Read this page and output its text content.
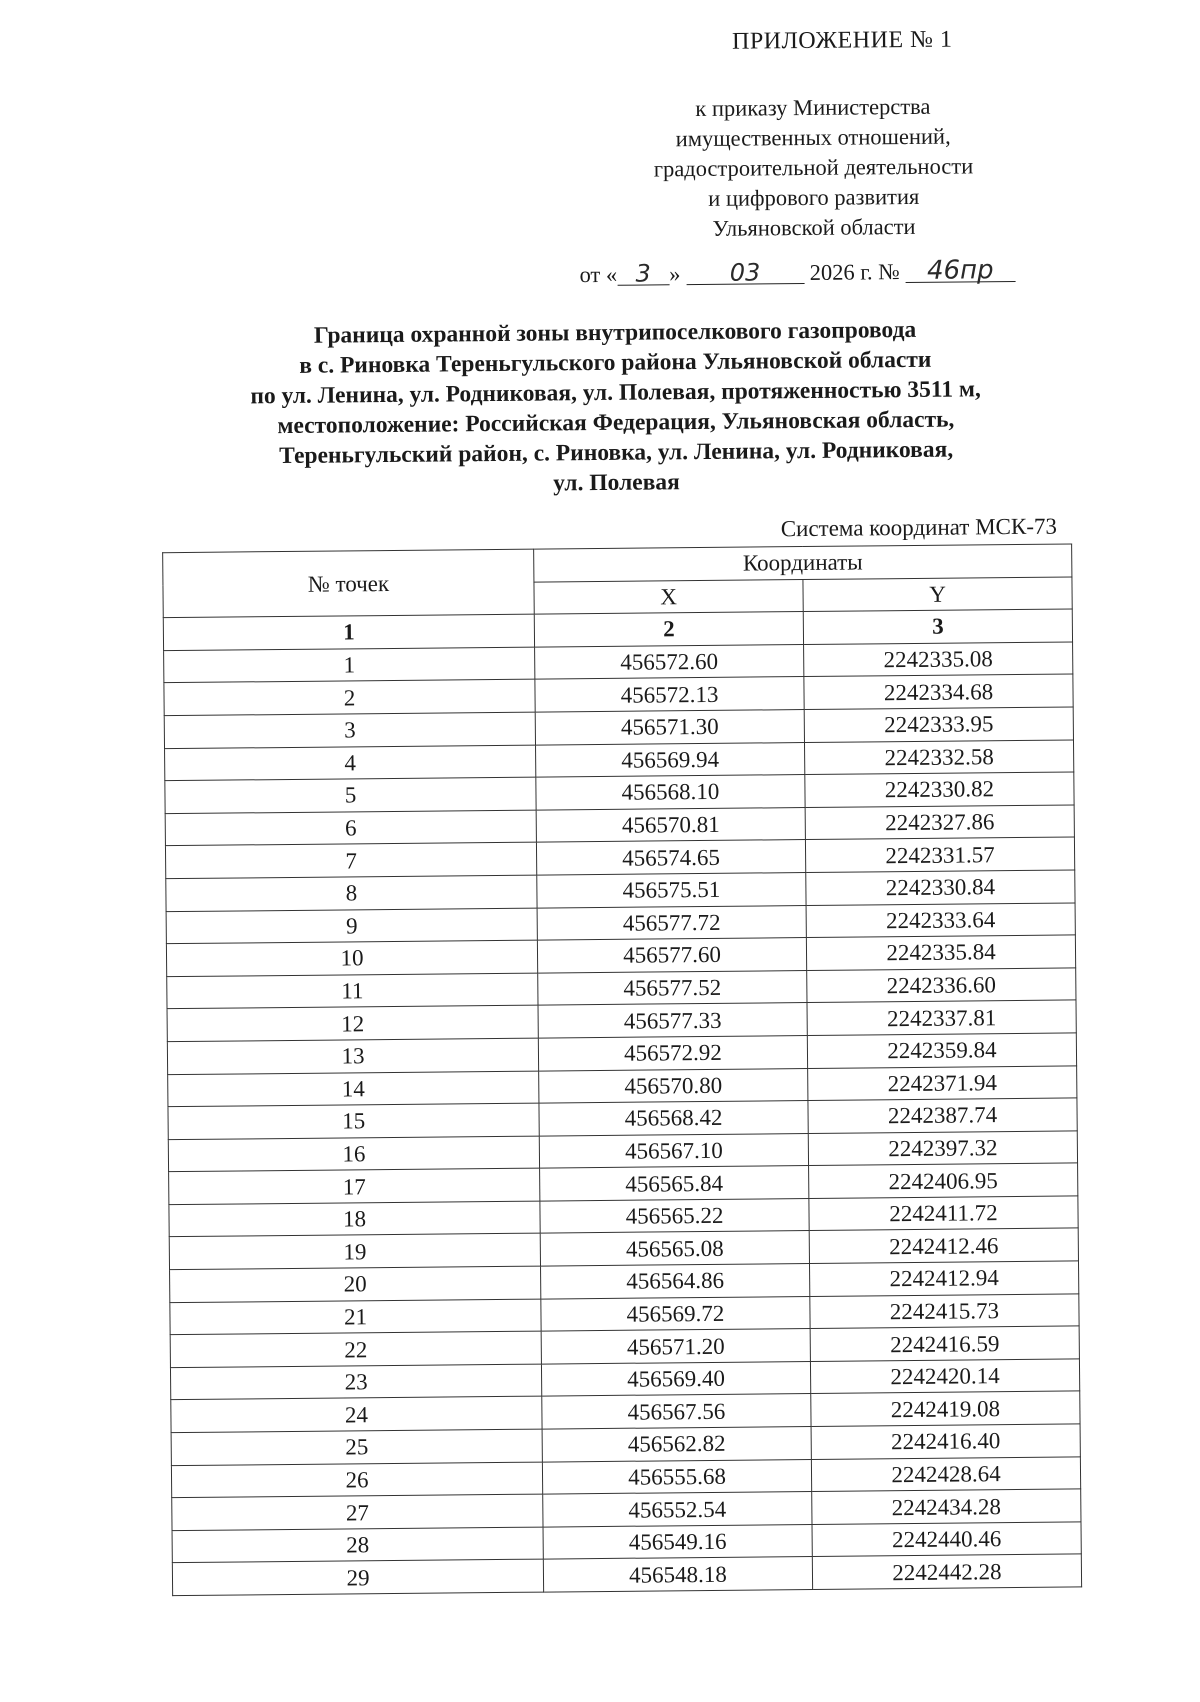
ПРИЛОЖЕНИЕ № 1
к приказу Министерства
имущественных отношений,
градостроительной деятельности
и цифрового развития
Ульяновской области
от « 3 » 03 2026 г. № 46пр
Граница охранной зоны внутрипоселкового газопровода
в с. Риновка Тереньгульского района Ульяновской области
по ул. Ленина, ул. Родниковая, ул. Полевая, протяженностью 3511 м,
местоположение: Российская Федерация, Ульяновская область,
Тереньгульский район, с. Риновка, ул. Ленина, ул. Родниковая,
ул. Полевая
Система координат МСК-73
№ точек	Координаты	
	X	Y
1	2	3
1	456572.60	2242335.08
2	456572.13	2242334.68
3	456571.30	2242333.95
4	456569.94	2242332.58
5	456568.10	2242330.82
6	456570.81	2242327.86
7	456574.65	2242331.57
8	456575.51	2242330.84
9	456577.72	2242333.64
10	456577.60	2242335.84
11	456577.52	2242336.60
12	456577.33	2242337.81
13	456572.92	2242359.84
14	456570.80	2242371.94
15	456568.42	2242387.74
16	456567.10	2242397.32
17	456565.84	2242406.95
18	456565.22	2242411.72
19	456565.08	2242412.46
20	456564.86	2242412.94
21	456569.72	2242415.73
22	456571.20	2242416.59
23	456569.40	2242420.14
24	456567.56	2242419.08
25	456562.82	2242416.40
26	456555.68	2242428.64
27	456552.54	2242434.28
28	456549.16	2242440.46
29	456548.18	2242442.28
